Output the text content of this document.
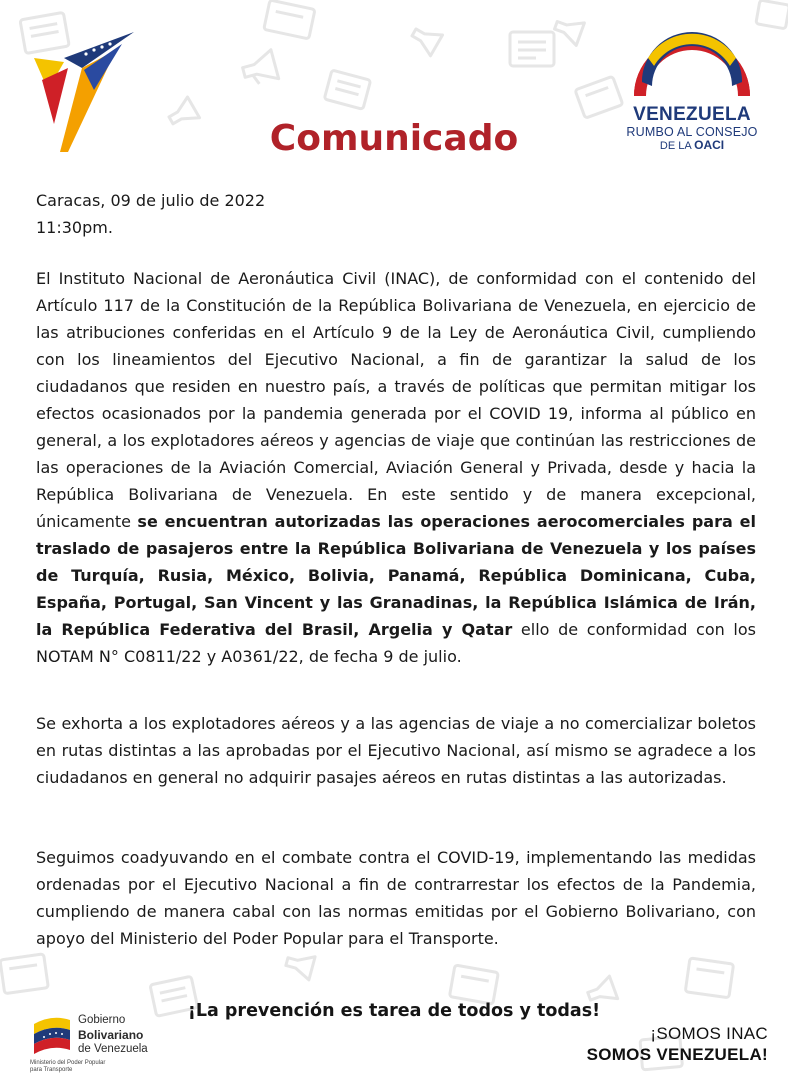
VENEZUELA
RUMBO AL CONSEJO
DE LA OACI
Comunicado
Caracas, 09 de julio de 2022
11:30pm.

El Instituto Nacional de Aeronáutica Civil (INAC), de conformidad con el contenido del Artículo 117 de la Constitución de la República Bolivariana de Venezuela, en ejercicio de las atribuciones conferidas en el Artículo 9 de la Ley de Aeronáutica Civil, cumpliendo con los lineamientos del Ejecutivo Nacional, a fin de garantizar la salud de los ciudadanos que residen en nuestro país, a través de políticas que permitan mitigar los efectos ocasionados por la pandemia generada por el COVID 19, informa al público en general, a los explotadores aéreos y agencias de viaje que continúan las restricciones de las operaciones de la Aviación Comercial, Aviación General y Privada, desde y hacia la República Bolivariana de Venezuela. En este sentido y de manera excepcional, únicamente se encuentran autorizadas las operaciones aerocomerciales para el traslado de pasajeros entre la República Bolivariana de Venezuela y los países de Turquía, Rusia, México, Bolivia, Panamá, República Dominicana, Cuba, España, Portugal, San Vincent y las Granadinas, la República Islámica de Irán, la República Federativa del Brasil, Argelia y Qatar ello de conformidad con los NOTAM N° C0811/22 y A0361/22, de fecha 9 de julio.

Se exhorta a los explotadores aéreos y a las agencias de viaje a no comercializar boletos en rutas distintas a las aprobadas por el Ejecutivo Nacional, así mismo se agradece a los ciudadanos en general no adquirir pasajes aéreos en rutas distintas a las autorizadas.

Seguimos coadyuvando en el combate contra el COVID-19, implementando las medidas ordenadas por el Ejecutivo Nacional a fin de contrarrestar los efectos de la Pandemia, cumpliendo de manera cabal con las normas emitidas por el Gobierno Bolivariano, con apoyo del Ministerio del Poder Popular para el Transporte.

¡La prevención es tarea de todos y todas!
Gobierno
Bolivariano
de Venezuela
Ministerio del Poder Popular
para Transporte
¡SOMOS INAC
SOMOS VENEZUELA!
